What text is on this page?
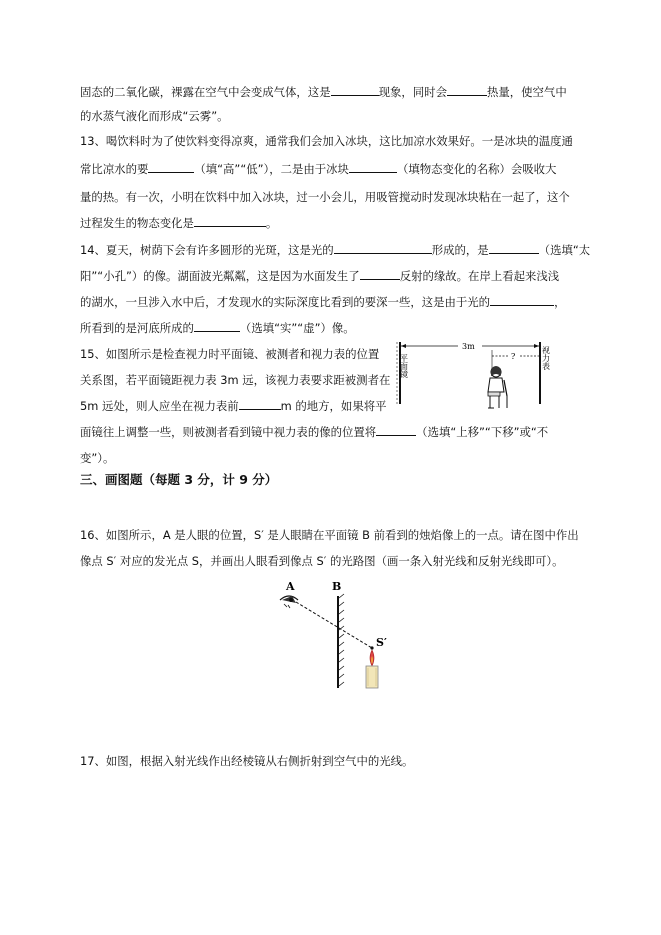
固态的二氧化碳，裸露在空气中会变成气体，这是	现象，同时会	热量，使空气中
的水蒸气液化而形成“云雾”。
13、喝饮料时为了使饮料变得凉爽，通常我们会加入冰块，这比加凉水效果好。一是冰块的温度通
常比凉水的要	（填“高”“低”），二是由于冰块	（填物态变化的名称）会吸收大
量的热。有一次，小明在饮料中加入冰块，过一小会儿，用吸管搅动时发现冰块粘在一起了，这个
过程发生的物态变化是	。
14、夏天，树荫下会有许多圆形的光斑，这是光的	形成的，是	（选填“太
阳”“小孔”）的像。湖面波光粼粼，这是因为水面发生了	反射的缘故。在岸上看起来浅浅
的湖水，一旦涉入水中后，才发现水的实际深度比看到的要深一些，这是由于光的	，
所看到的是河底所成的	（选填“实”“虚”）像。
15、如图所示是检查视力时平面镜、被测者和视力表的位置
关系图，若平面镜距视力表 3m 远，该视力表要求距被测者在
5m 远处，则人应坐在视力表前	m 的地方，如果将平
面镜往上调整一些，则被测者看到镜中视力表的像的位置将	（选填“上移”“下移”或“不
变”）。
平面镜	视力表
3m
?
三、画图题（每题 3 分，计 9 分）
16、如图所示，A 是人眼的位置，S′ 是人眼睛在平面镜 B 前看到的烛焰像上的一点。请在图中作出
像点 S′ 对应的发光点 S，并画出人眼看到像点 S′ 的光路图（画一条入射光线和反射光线即可）。
A	B
S′
17、如图，根据入射光线作出经棱镜从右侧折射到空气中的光线。
